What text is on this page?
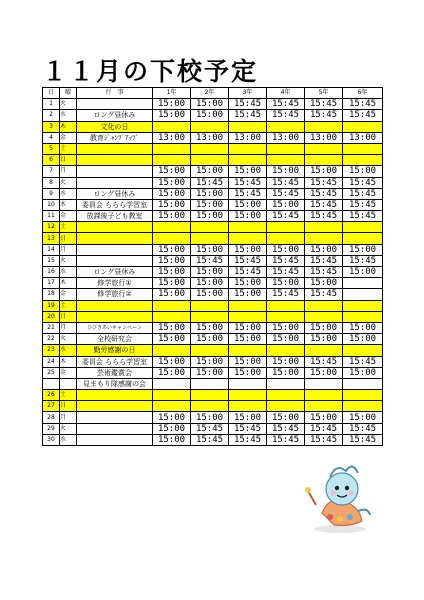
１１月の下校予定
日	曜	行　事	1年	2年	3年	4年	5年	6年
1	火		15:00	15:00	15:45	15:45	15:45	15:45
2	水	ロング昼休み	15:00	15:00	15:45	15:45	15:45	15:45
3	木	文化の日						
4	金	教育ｼﾞｬﾝﾌﾟｱｯﾌﾟ	13:00	13:00	13:00	13:00	13:00	13:00
5	土							
6	日							
7	月		15:00	15:00	15:00	15:00	15:00	15:00
8	火		15:00	15:45	15:45	15:45	15:45	15:45
9	水	ロング昼休み	15:00	15:00	15:45	15:45	15:45	15:45
10	木	委員会 ららら学習室	15:00	15:00	15:00	15:00	15:45	15:45
11	金	放課後子ども教室	15:00	15:00	15:00	15:45	15:45	15:45
12	土							
13	日							
14	月		15:00	15:00	15:00	15:00	15:00	15:00
15	火		15:00	15:45	15:45	15:45	15:45	15:45
16	水	ロング昼休み	15:00	15:00	15:45	15:45	15:45	15:00
17	木	修学旅行①	15:00	15:00	15:00	15:00	15:00	
18	金	修学旅行②	15:00	15:00	15:00	15:45	15:45	
19	土							
20	日							
21	月	ひびきあいキャンペーン	15:00	15:00	15:00	15:00	15:00	15:00
22	火	全校研究会	15:00	15:00	15:00	15:00	15:00	15:00
23	水	勤労感謝の日						
24	木	委員会 ららら学習室	15:00	15:00	15:00	15:00	15:45	15:45
25	金	芸術鑑賞会	15:00	15:00	15:00	15:00	15:00	15:00
		見まもり隊感謝の会						
26	土							
27	日							
28	月		15:00	15:00	15:00	15:00	15:00	15:00
29	火		15:00	15:45	15:45	15:45	15:45	15:45
30	水		15:00	15:45	15:45	15:45	15:45	15:45
